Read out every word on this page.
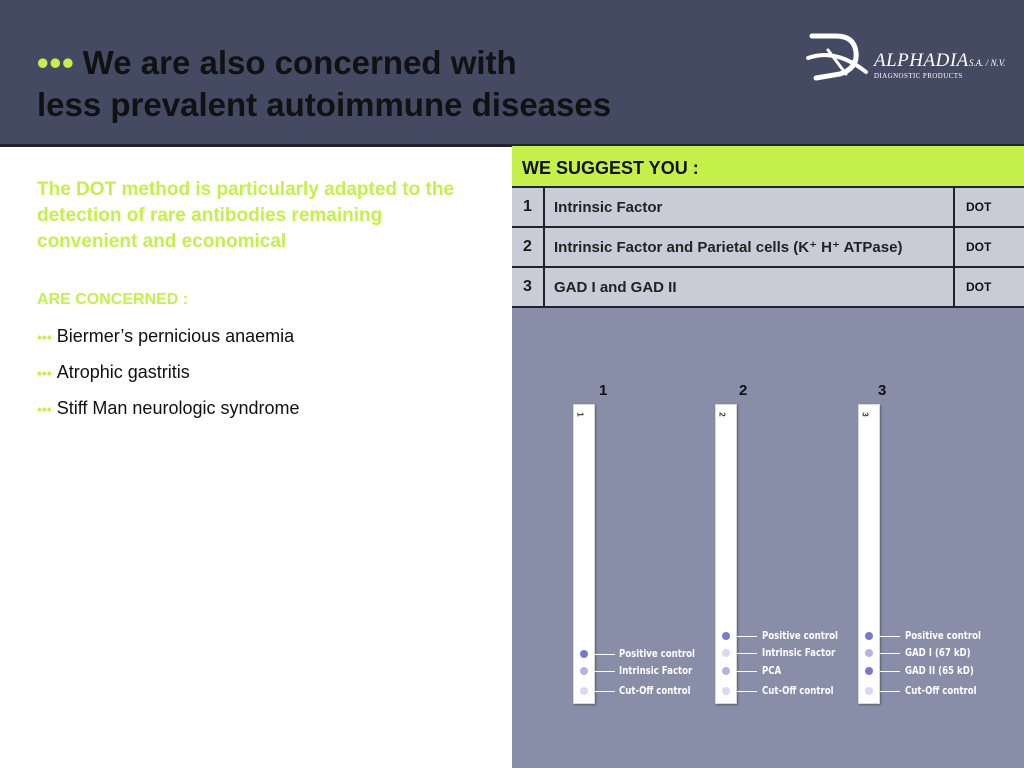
••• We are also concerned with
less prevalent autoimmune diseases
ALPHADIA S.A. / N.V.
DIAGNOSTIC PRODUCTS
The DOT method is particularly adapted to the detection of rare antibodies remaining convenient and economical
ARE CONCERNED :
••• Biermer’s pernicious anaemia
••• Atrophic gastritis
••• Stiff Man neurologic syndrome
WE SUGGEST YOU :
1	Intrinsic Factor	DOT
2	Intrinsic Factor and Parietal cells (K⁺ H⁺ ATPase)	DOT
3	GAD I and GAD II	DOT
1	2	3
1
Positive control
Intrinsic Factor
Cut-Off control
2
Positive control
Intrinsic Factor
PCA
Cut-Off control
3
Positive control
GAD I (67 kD)
GAD II (65 kD)
Cut-Off control
